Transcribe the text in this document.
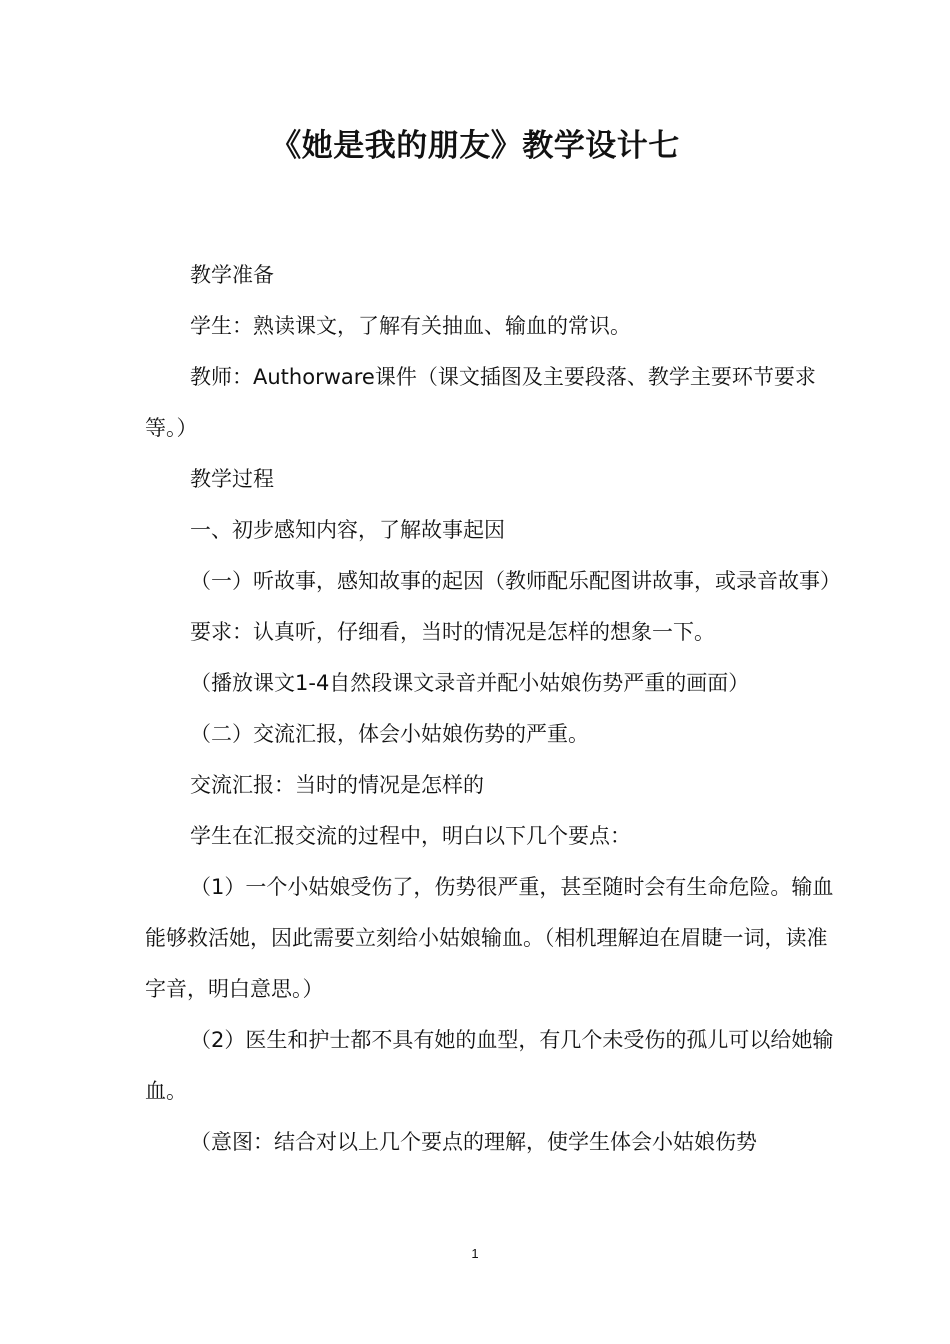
《她是我的朋友》教学设计七

教学准备

学生：熟读课文，了解有关抽血、输血的常识。

教师：Authorware课件（课文插图及主要段落、教学主要环节要求等。）

教学过程

一、初步感知内容，了解故事起因

（一）听故事，感知故事的起因（教师配乐配图讲故事，或录音故事）

要求：认真听，仔细看，当时的情况是怎样的想象一下。

（播放课文1-4自然段课文录音并配小姑娘伤势严重的画面）

（二）交流汇报，体会小姑娘伤势的严重。

交流汇报：当时的情况是怎样的

学生在汇报交流的过程中，明白以下几个要点：

（1）一个小姑娘受伤了，伤势很严重，甚至随时会有生命危险。输血能够救活她，因此需要立刻给小姑娘输血。（相机理解迫在眉睫一词，读准字音，明白意思。）

（2）医生和护士都不具有她的血型，有几个未受伤的孤儿可以给她输血。

（意图：结合对以上几个要点的理解，使学生体会小姑娘伤势

1
